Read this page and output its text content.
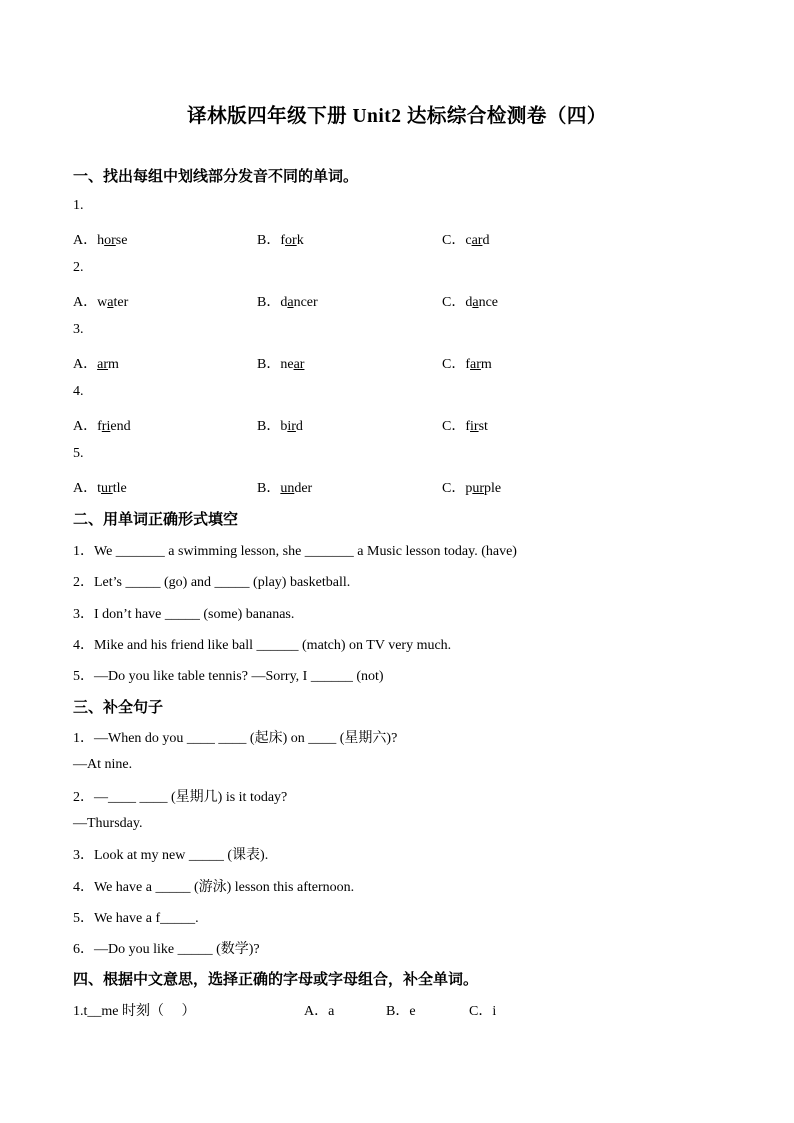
译林版四年级下册 Unit2 达标综合检测卷（四）
一、找出每组中划线部分发音不同的单词。
1.
A．horse	B．fork	C．card
2.
A．water	B．dancer	C．dance
3.
A．arm	B．near	C．farm
4.
A．friend	B．bird	C．first
5.
A．turtle	B．under	C．purple
二、用单词正确形式填空
1．We _______ a swimming lesson, she _______ a Music lesson today. (have)
2．Let’s _____ (go) and _____ (play) basketball.
3．I don’t have _____ (some) bananas.
4．Mike and his friend like ball ______ (match) on TV very much.
5．—Do you like table tennis? —Sorry, I ______ (not)
三、补全句子
1．—When do you ____ ____ (起床) on ____ (星期六)?
—At nine.
2．—____ ____ (星期几) is it today?
—Thursday.
3．Look at my new _____ (课表).
4．We have a _____ (游泳) lesson this afternoon.
5．We have a f_____.
6．—Do you like _____ (数学)?
四、根据中文意思，选择正确的字母或字母组合，补全单词。
1.t__me 时刻（　 ）	A．a	B．e	C．i
